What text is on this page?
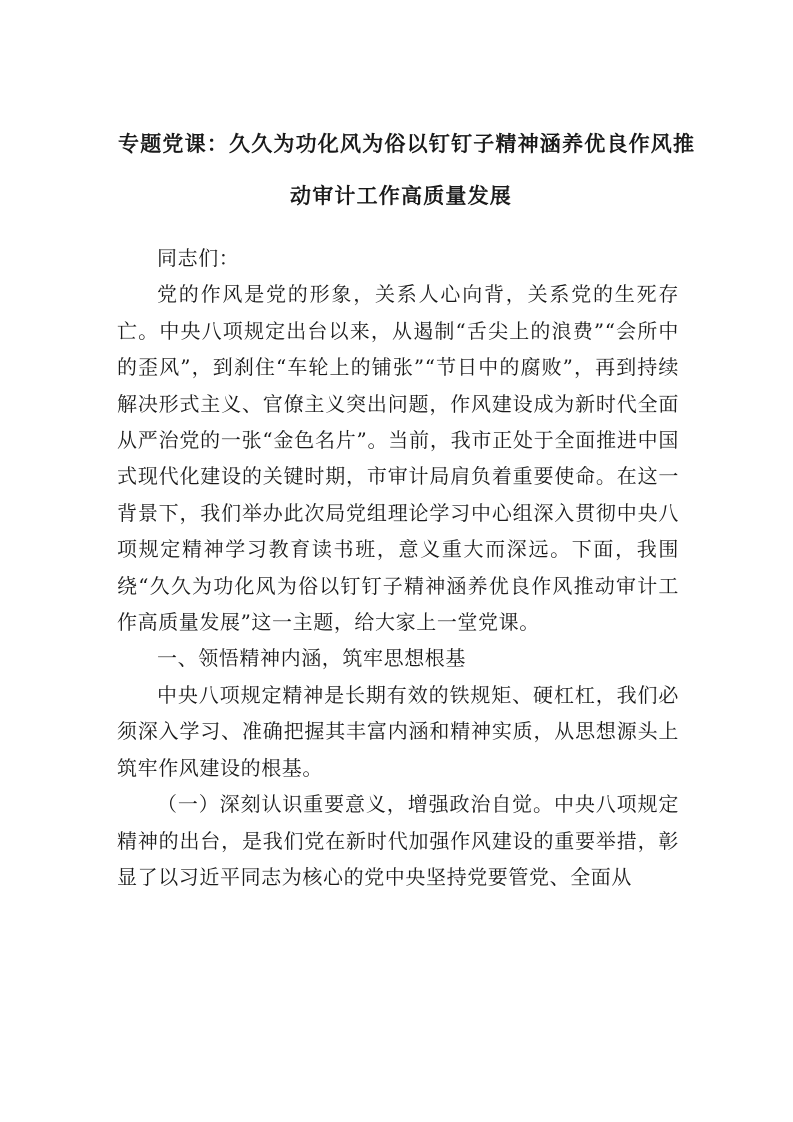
专题党课：久久为功化风为俗以钉钉子精神涵养优良作风推
动审计工作高质量发展

同志们：

党的作风是党的形象，关系人心向背，关系党的生死存亡。中央八项规定出台以来，从遏制“舌尖上的浪费”“会所中的歪风”，到刹住“车轮上的铺张”“节日中的腐败”，再到持续解决形式主义、官僚主义突出问题，作风建设成为新时代全面从严治党的一张“金色名片”。当前，我市正处于全面推进中国式现代化建设的关键时期，市审计局肩负着重要使命。在这一背景下，我们举办此次局党组理论学习中心组深入贯彻中央八项规定精神学习教育读书班，意义重大而深远。下面，我围绕“久久为功化风为俗以钉钉子精神涵养优良作风推动审计工作高质量发展”这一主题，给大家上一堂党课。

一、领悟精神内涵，筑牢思想根基

中央八项规定精神是长期有效的铁规矩、硬杠杠，我们必须深入学习、准确把握其丰富内涵和精神实质，从思想源头上筑牢作风建设的根基。

（一）深刻认识重要意义，增强政治自觉。中央八项规定精神的出台，是我们党在新时代加强作风建设的重要举措，彰显了以习近平同志为核心的党中央坚持党要管党、全面从
